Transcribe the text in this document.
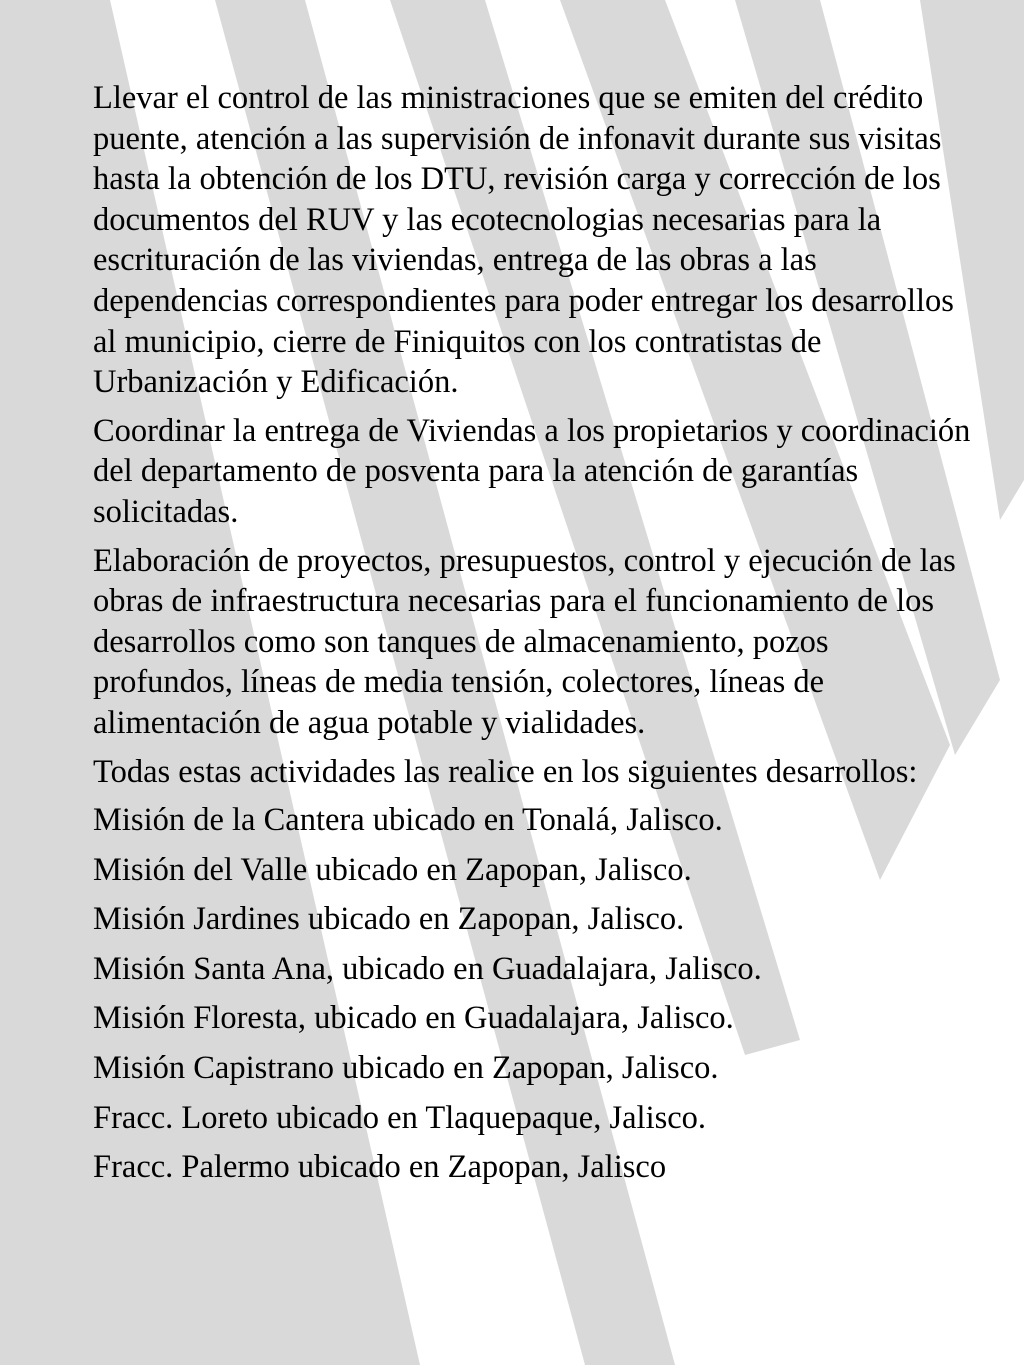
Llevar el control de las ministraciones que se emiten del crédito puente, atención a las supervisión de infonavit durante sus visitas hasta la obtención de los DTU, revisión carga y corrección de los documentos del RUV y las ecotecnologias necesarias para la escrituración de las viviendas, entrega de las obras a las dependencias correspondientes para poder entregar los desarrollos al municipio, cierre de Finiquitos con los contratistas de Urbanización y Edificación.

Coordinar la entrega de Viviendas a los propietarios y coordinación del departamento de posventa para la atención de garantías solicitadas.

Elaboración de proyectos, presupuestos, control y ejecución de las obras de infraestructura necesarias para el funcionamiento de los desarrollos como son tanques de almacenamiento, pozos profundos, líneas de media tensión, colectores, líneas de alimentación de agua potable y vialidades.

Todas estas actividades las realice en los siguientes desarrollos:

Misión de la Cantera ubicado en Tonalá, Jalisco.
Misión del Valle ubicado en Zapopan, Jalisco.
Misión Jardines ubicado en Zapopan, Jalisco.
Misión Santa Ana, ubicado en Guadalajara, Jalisco.
Misión Floresta, ubicado en Guadalajara, Jalisco.
Misión Capistrano ubicado en Zapopan, Jalisco.
Fracc. Loreto ubicado en Tlaquepaque, Jalisco.
Fracc. Palermo ubicado en Zapopan, Jalisco
